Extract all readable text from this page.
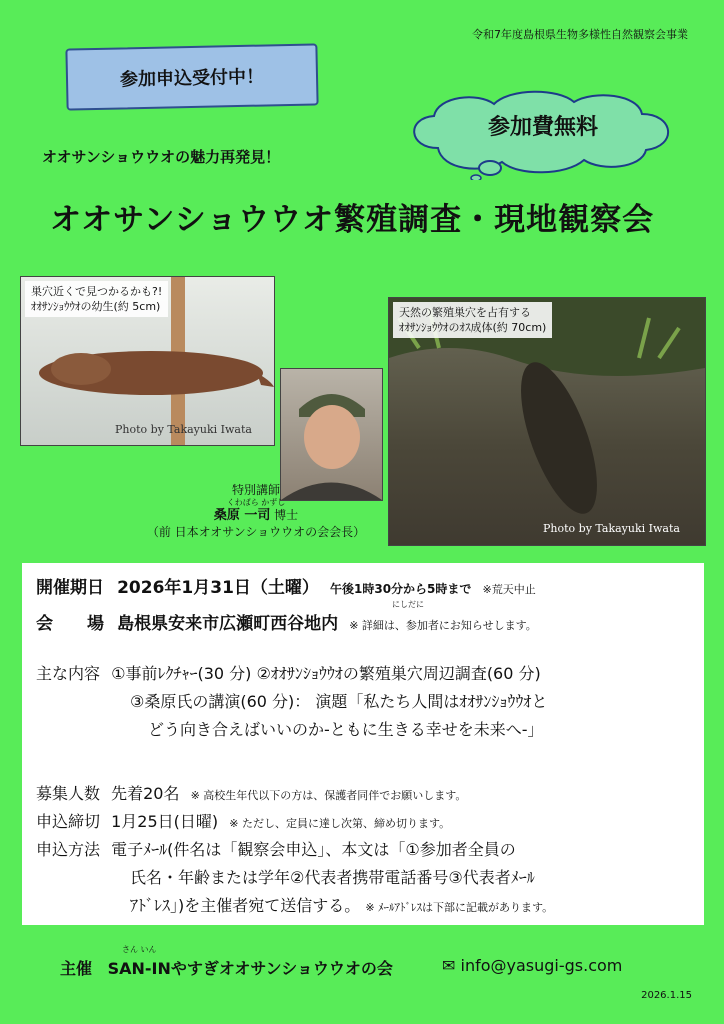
令和7年度島根県生物多様性自然観察会事業
参加申込受付中！
参加費無料
オオサンショウウオの魅力再発見！
オオサンショウウオ繁殖調査・現地観察会
巣穴近くで見つかるかも?!
ｵｵｻﾝｼｮｳｳｵの幼生(約 5cm)
Photo by Takayuki Iwata
天然の繁殖巣穴を占有する
ｵｵｻﾝｼｮｳｳｵのｵｽ成体(約 70cm)
Photo by Takayuki Iwata
特別講師
くわばら かずし
桑原 一司 博士
（前 日本オオサンショウウオの会会長）
開催期日 2026年1月31日（土曜） 午後1時30分から5時まで ※荒天中止
にしだに
会　　場 島根県安来市広瀬町西谷地内 ※ 詳細は、参加者にお知らせします。
主な内容 ①事前ﾚｸﾁｬｰ(30 分) ②ｵｵｻﾝｼｮｳｳｵの繁殖巣穴周辺調査(60 分)
③桑原氏の講演(60 分)： 演題「私たち人間はｵｵｻﾝｼｮｳｳｵと
どう向き合えばいいのか-ともに生きる幸せを未来へ-」
募集人数 先着20名 ※ 高校生年代以下の方は、保護者同伴でお願いします。
申込締切 1月25日(日曜) ※ ただし、定員に達し次第、締め切ります。
申込方法 電子ﾒｰﾙ(件名は「観察会申込」、本文は「①参加者全員の
氏名・年齢または学年②代表者携帯電話番号③代表者ﾒｰﾙ
ｱﾄﾞﾚｽ」)を主催者宛て送信する。 ※ ﾒｰﾙｱﾄﾞﾚｽは下部に記載があります。
さん いん
主催 SAN-INやすぎオオサンショウウオの会	✉ info@yasugi-gs.com
2026.1.15
